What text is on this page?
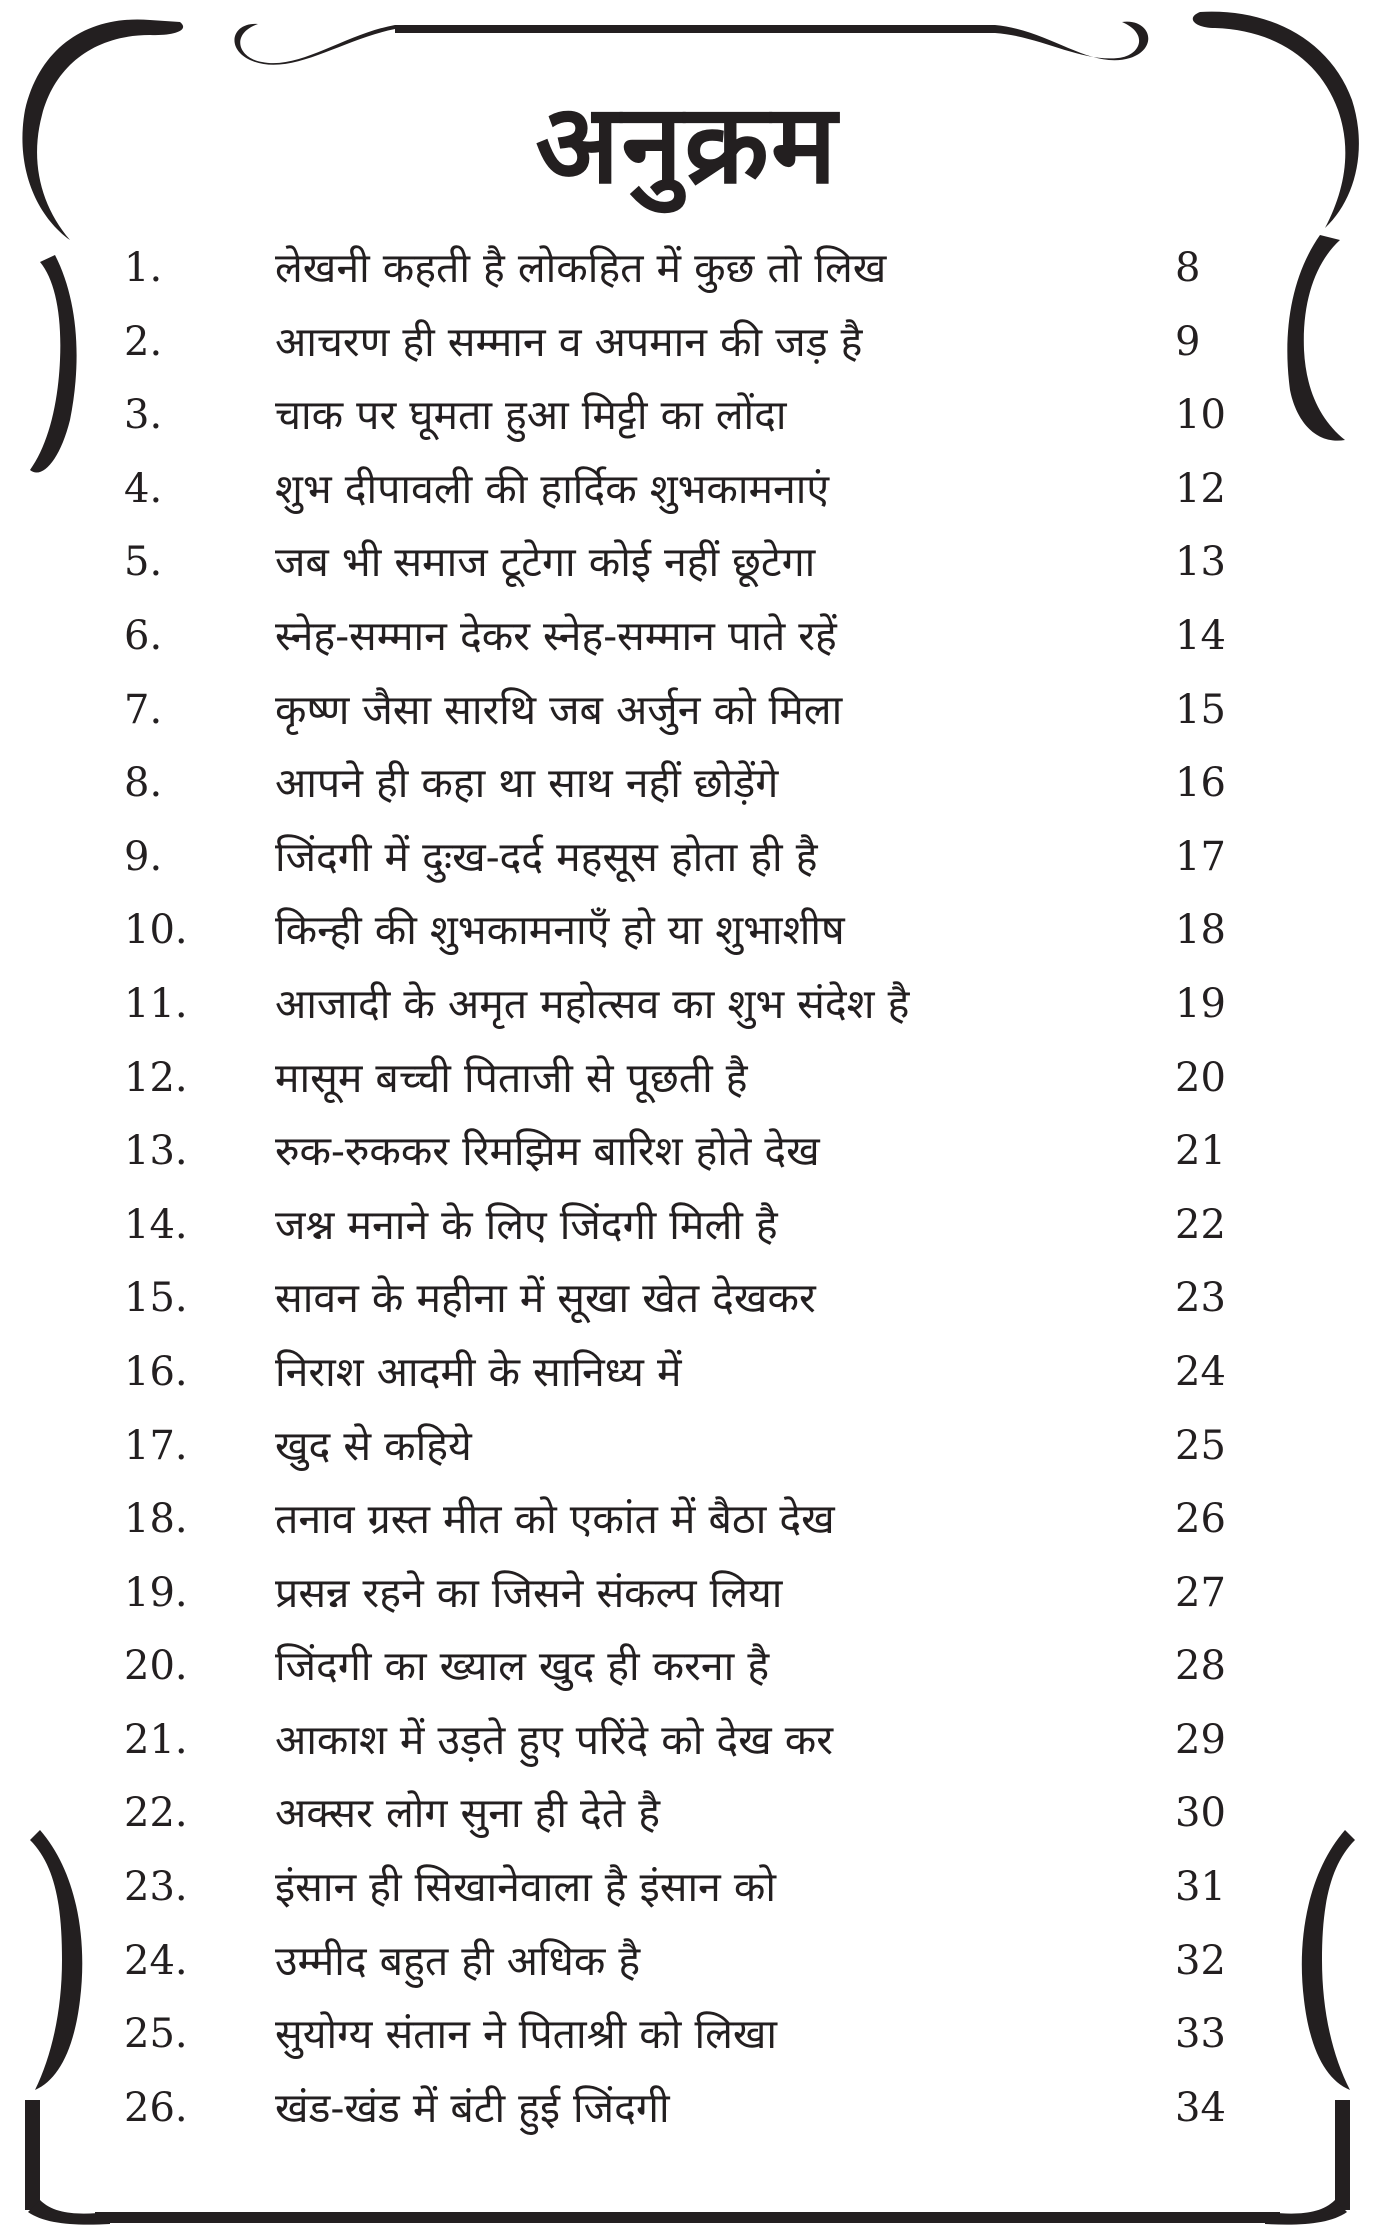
अनुक्रम
1.	लेखनी कहती है लोकहित में कुछ तो लिख	8
2.	आचरण ही सम्मान व अपमान की जड़ है	9
3.	चाक पर घूमता हुआ मिट्टी का लोंदा	10
4.	शुभ दीपावली की हार्दिक शुभकामनाएं	12
5.	जब भी समाज टूटेगा कोई नहीं छूटेगा	13
6.	स्नेह-सम्मान देकर स्नेह-सम्मान पाते रहें	14
7.	कृष्ण जैसा सारथि जब अर्जुन को मिला	15
8.	आपने ही कहा था साथ नहीं छोड़ेंगे	16
9.	जिंदगी में दुःख-दर्द महसूस होता ही है	17
10. किन्ही की शुभकामनाएँ हो या शुभाशीष	18
11. आजादी के अमृत महोत्सव का शुभ संदेश है	19
12. मासूम बच्ची पिताजी से पूछती है	20
13. रुक-रुककर रिमझिम बारिश होते देख	21
14. जश्न मनाने के लिए जिंदगी मिली है	22
15. सावन के महीना में सूखा खेत देखकर	23
16. निराश आदमी के सानिध्य में	24
17. खुद से कहिये	25
18. तनाव ग्रस्त मीत को एकांत में बैठा देख	26
19. प्रसन्न रहने का जिसने संकल्प लिया	27
20. जिंदगी का ख्याल खुद ही करना है	28
21. आकाश में उड़ते हुए परिंदे को देख कर	29
22. अक्सर लोग सुना ही देते है	30
23. इंसान ही सिखानेवाला है इंसान को	31
24. उम्मीद बहुत ही अधिक है	32
25. सुयोग्य संतान ने पिताश्री को लिखा	33
26. खंड-खंड में बंटी हुई जिंदगी	34
